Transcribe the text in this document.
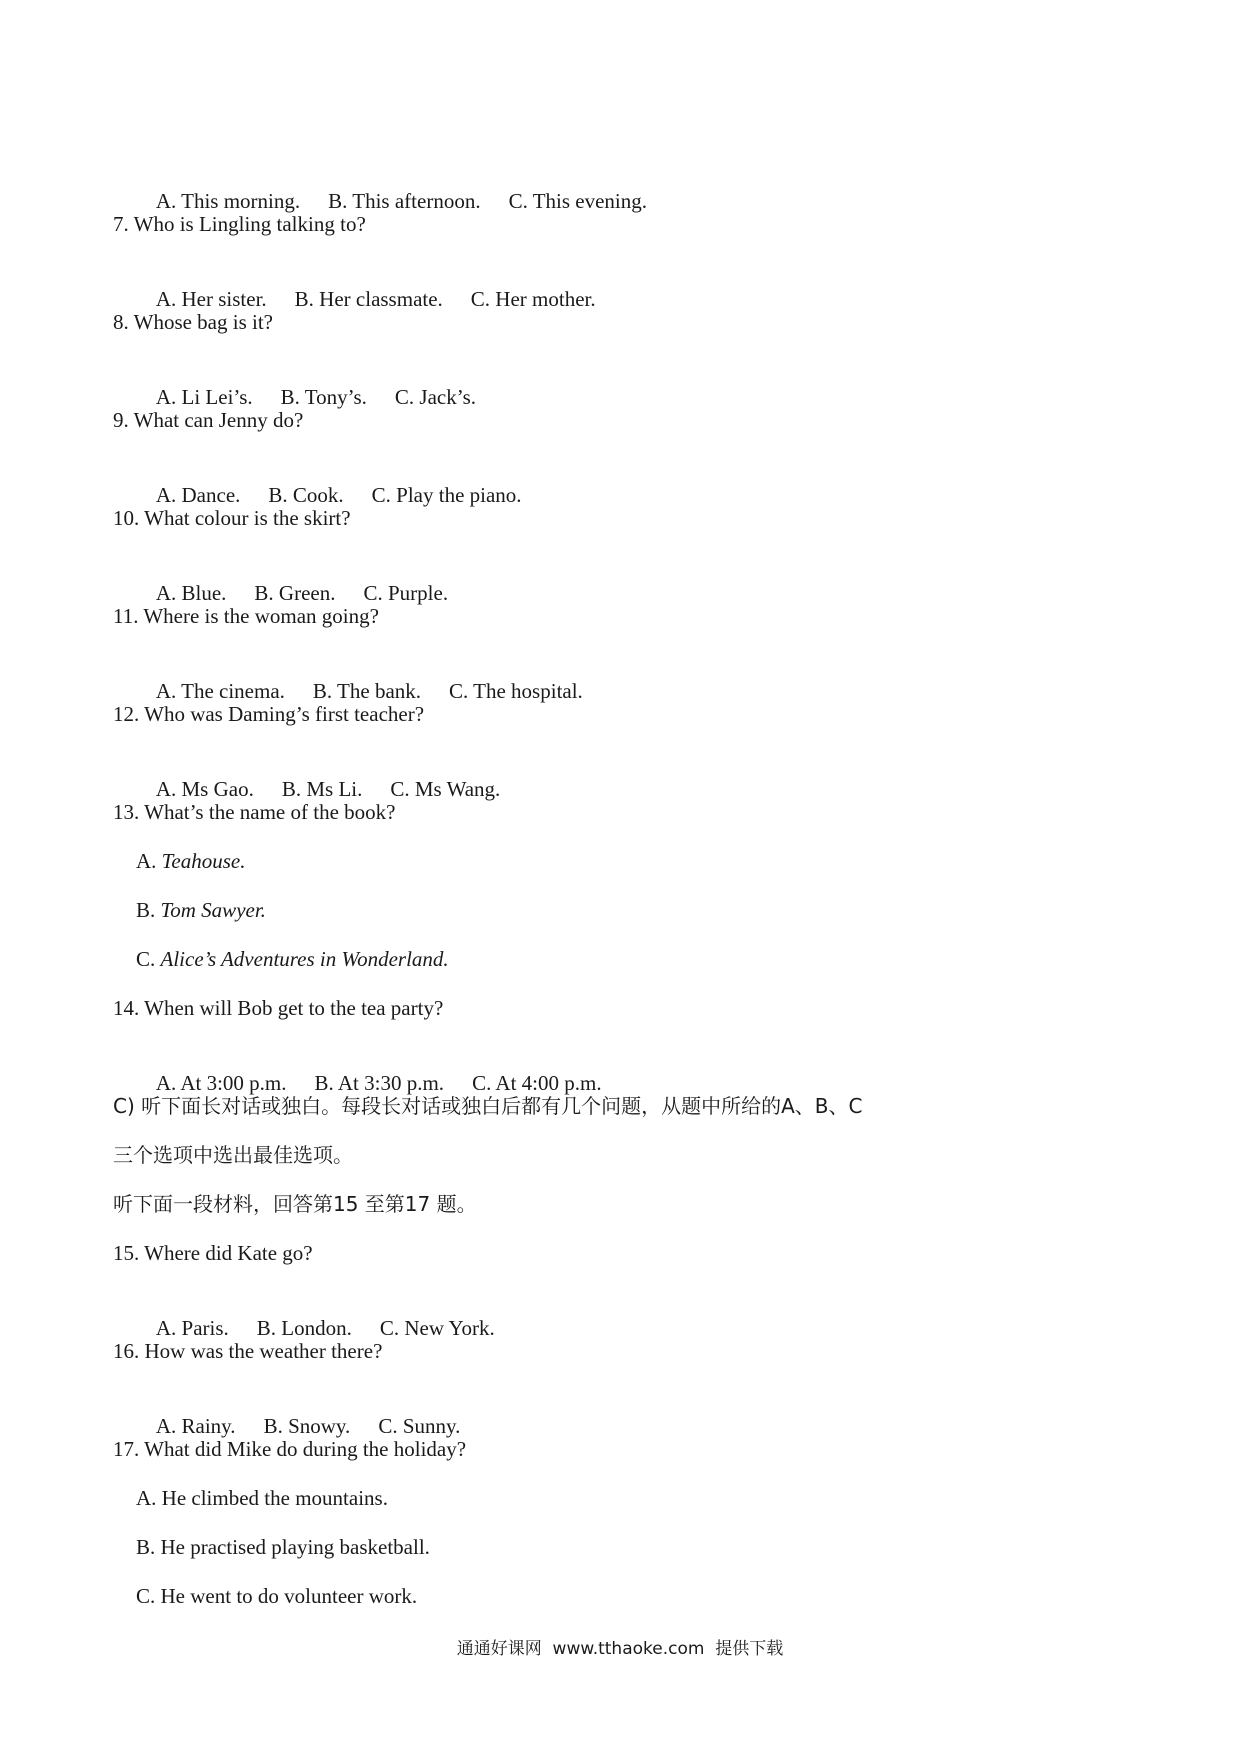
A. This morning. B. This afternoon. C. This evening.

7. Who is Lingling talking to?

A. Her sister. B. Her classmate. C. Her mother.

8. Whose bag is it?

A. Li Lei’s. B. Tony’s. C. Jack’s.

9. What can Jenny do?

A. Dance. B. Cook. C. Play the piano.

10. What colour is the skirt?

A. Blue. B. Green. C. Purple.

11. Where is the woman going?

A. The cinema. B. The bank. C. The hospital.

12. Who was Daming’s first teacher?

A. Ms Gao. B. Ms Li. C. Ms Wang.

13. What’s the name of the book?
A. Teahouse.
B. Tom Sawyer.
C. Alice’s Adventures in Wonderland.
14. When will Bob get to the tea party?

A. At 3:00 p.m. B. At 3:30 p.m. C. At 4:00 p.m.

C) 听下面长对话或独白。每段长对话或独白后都有几个问题，从题中所给的A、B、C
三个选项中选出最佳选项。
听下面一段材料，回答第15 至第17 题。
15. Where did Kate go?

A. Paris. B. London. C. New York.

16. How was the weather there?

A. Rainy. B. Snowy. C. Sunny.

17. What did Mike do during the holiday?
A. He climbed the mountains.
B. He practised playing basketball.
C. He went to do volunteer work.
通通好课网  www.tthaoke.com  提供下载
